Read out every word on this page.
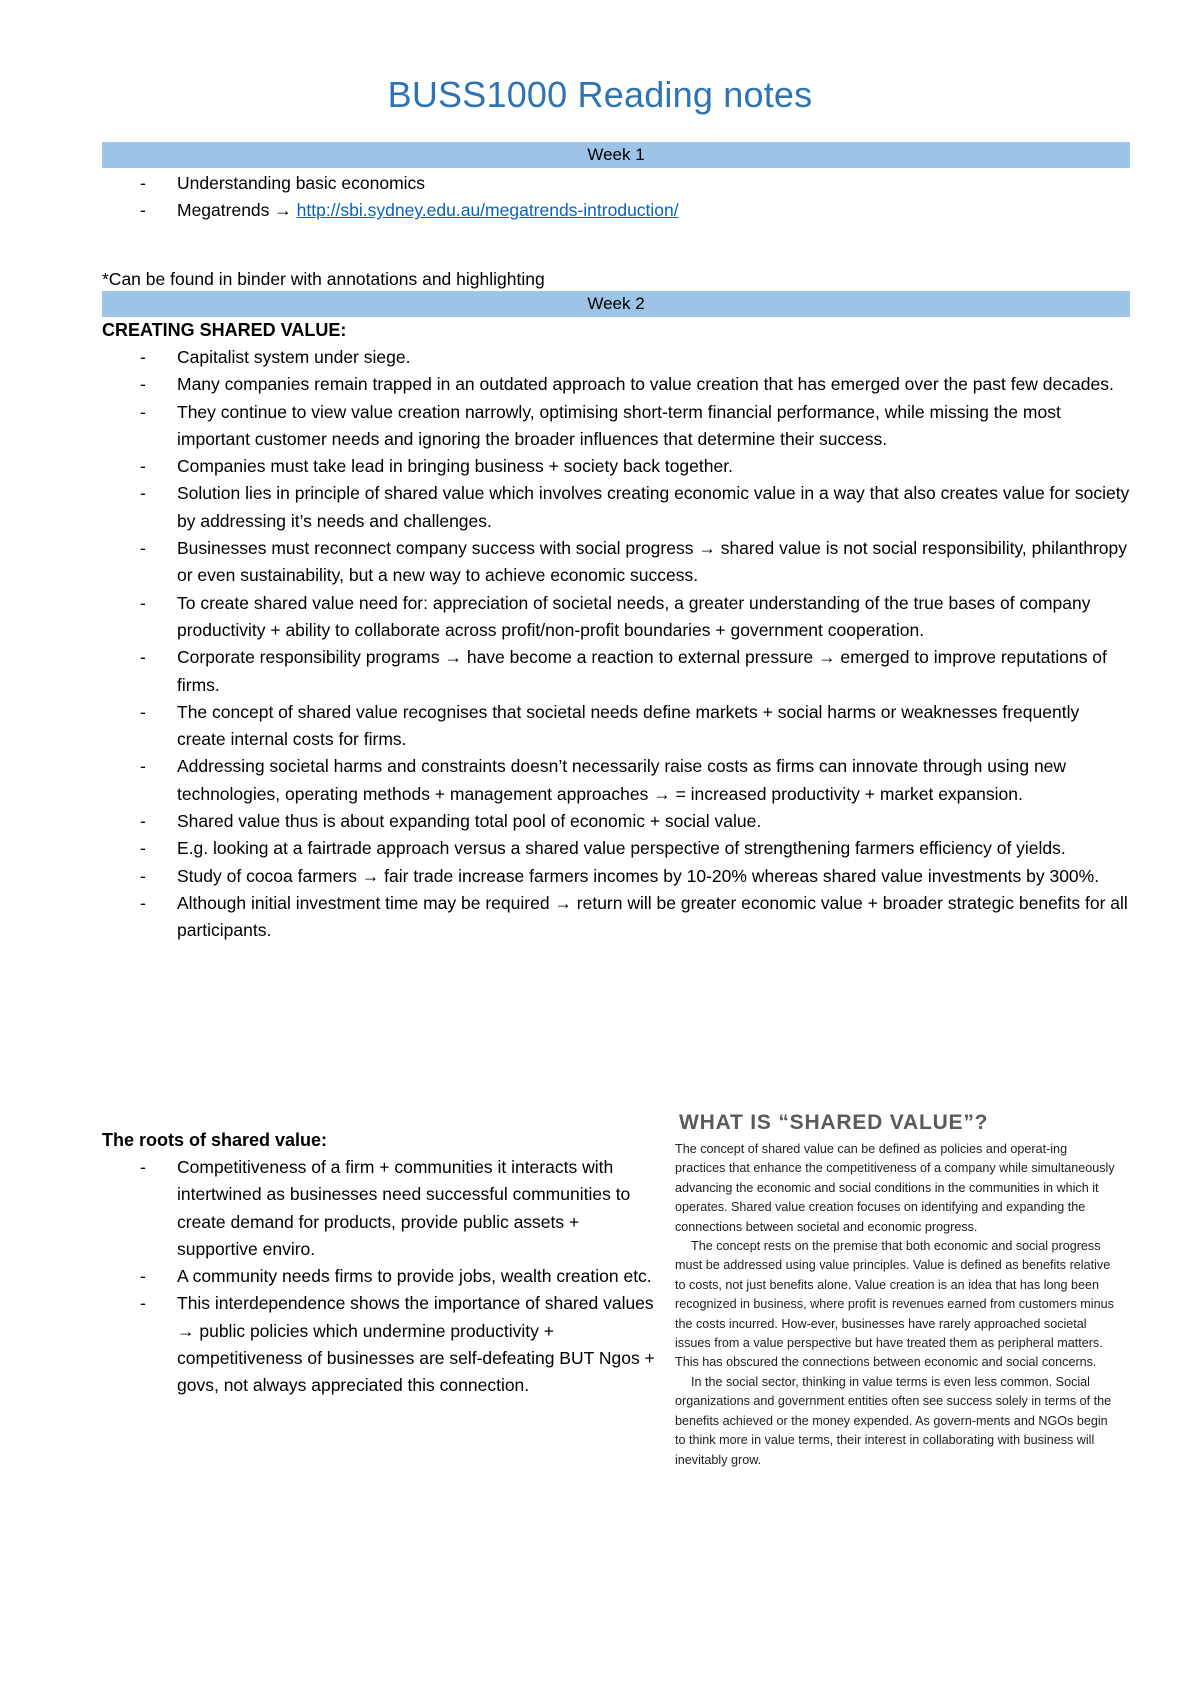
BUSS1000 Reading notes
Week 1
- Understanding basic economics
- Megatrends → http://sbi.sydney.edu.au/megatrends-introduction/
*Can be found in binder with annotations and highlighting
Week 2
CREATING SHARED VALUE:
- Capitalist system under siege.
- Many companies remain trapped in an outdated approach to value creation that has emerged over the past few decades.
- They continue to view value creation narrowly, optimising short-term financial performance, while missing the most important customer needs and ignoring the broader influences that determine their success.
- Companies must take lead in bringing business + society back together.
- Solution lies in principle of shared value which involves creating economic value in a way that also creates value for society by addressing it’s needs and challenges.
- Businesses must reconnect company success with social progress → shared value is not social responsibility, philanthropy or even sustainability, but a new way to achieve economic success.
- To create shared value need for: appreciation of societal needs, a greater understanding of the true bases of company productivity + ability to collaborate across profit/non-profit boundaries + government cooperation.
- Corporate responsibility programs → have become a reaction to external pressure → emerged to improve reputations of firms.
- The concept of shared value recognises that societal needs define markets + social harms or weaknesses frequently create internal costs for firms.
- Addressing societal harms and constraints doesn’t necessarily raise costs as firms can innovate through using new technologies, operating methods + management approaches → = increased productivity + market expansion.
- Shared value thus is about expanding total pool of economic + social value.
- E.g. looking at a fairtrade approach versus a shared value perspective of strengthening farmers efficiency of yields.
- Study of cocoa farmers → fair trade increase farmers incomes by 10-20% whereas shared value investments by 300%.
- Although initial investment time may be required → return will be greater economic value + broader strategic benefits for all participants.
The roots of shared value:
- Competitiveness of a firm + communities it interacts with intertwined as businesses need successful communities to create demand for products, provide public assets + supportive enviro.
- A community needs firms to provide jobs, wealth creation etc.
- This interdependence shows the importance of shared values → public policies which undermine productivity + competitiveness of businesses are self-defeating BUT Ngos + govs, not always appreciated this connection.
WHAT IS “SHARED VALUE”?

The concept of shared value can be defined as policies and operat-ing practices that enhance the competitiveness of a company while simultaneously advancing the economic and social conditions in the communities in which it operates. Shared value creation focuses on identifying and expanding the connections between societal and economic progress.

The concept rests on the premise that both economic and social progress must be addressed using value principles. Value is defined as benefits relative to costs, not just benefits alone. Value creation is an idea that has long been recognized in business, where profit is revenues earned from customers minus the costs incurred. How-ever, businesses have rarely approached societal issues from a value perspective but have treated them as peripheral matters. This has obscured the connections between economic and social concerns.

In the social sector, thinking in value terms is even less common. Social organizations and government entities often see success solely in terms of the benefits achieved or the money expended. As govern-ments and NGOs begin to think more in value terms, their interest in collaborating with business will inevitably grow.
